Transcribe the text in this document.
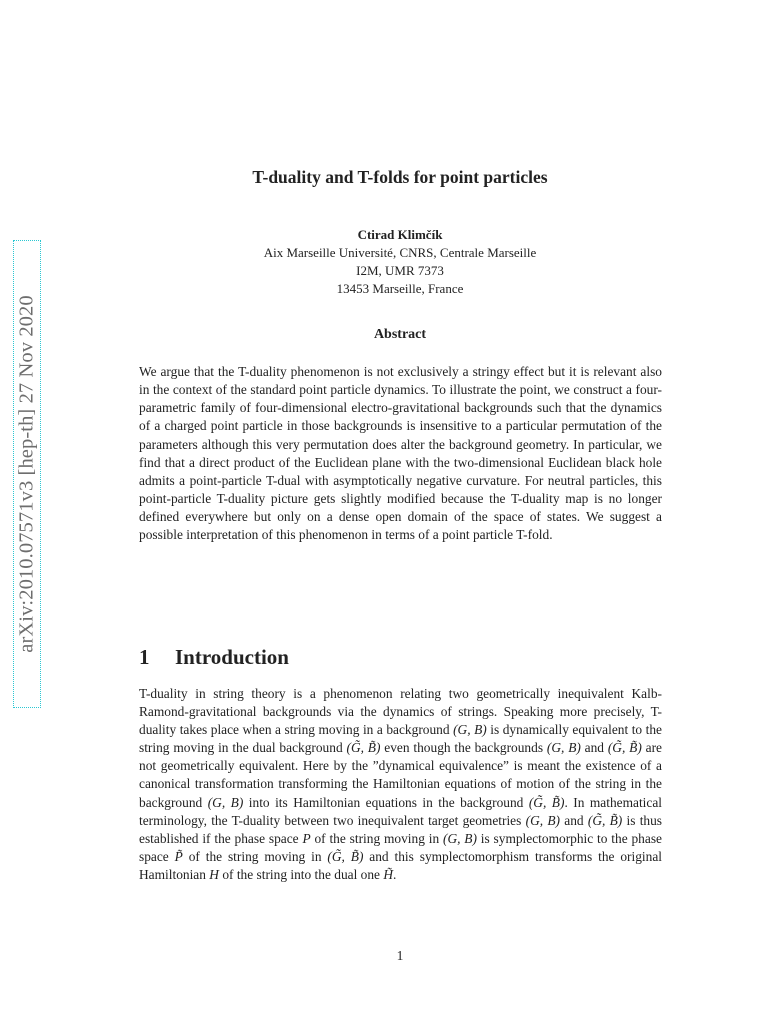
arXiv:2010.07571v3 [hep-th] 27 Nov 2020
T-duality and T-folds for point particles
Ctirad Klimčík
Aix Marseille Université, CNRS, Centrale Marseille
I2M, UMR 7373
13453 Marseille, France
Abstract

We argue that the T-duality phenomenon is not exclusively a stringy effect but it is relevant also in the context of the standard point particle dynamics. To illustrate the point, we construct a four-parametric family of four-dimensional electro-gravitational backgrounds such that the dynamics of a charged point particle in those backgrounds is insensitive to a particular permutation of the parameters although this very permutation does alter the background geometry. In particular, we find that a direct product of the Euclidean plane with the two-dimensional Euclidean black hole admits a point-particle T-dual with asymptotically negative curvature. For neutral particles, this point-particle T-duality picture gets slightly modified because the T-duality map is no longer defined everywhere but only on a dense open domain of the space of states. We suggest a possible interpretation of this phenomenon in terms of a point particle T-fold.

1 Introduction

T-duality in string theory is a phenomenon relating two geometrically inequivalent Kalb-Ramond-gravitational backgrounds via the dynamics of strings. Speaking more precisely, T-duality takes place when a string moving in a background (G, B) is dynamically equivalent to the string moving in the dual background (G̃, B̃) even though the backgrounds (G, B) and (G̃, B̃) are not geometrically equivalent. Here by the ”dynamical equivalence” is meant the existence of a canonical transformation transforming the Hamiltonian equations of motion of the string in the background (G, B) into its Hamiltonian equations in the background (G̃, B̃). In mathematical terminology, the T-duality between two inequivalent target geometries (G, B) and (G̃, B̃) is thus established if the phase space P of the string moving in (G, B) is symplectomorphic to the phase space P̃ of the string moving in (G̃, B̃) and this symplectomorphism transforms the original Hamiltonian H of the string into the dual one H̃.

1
